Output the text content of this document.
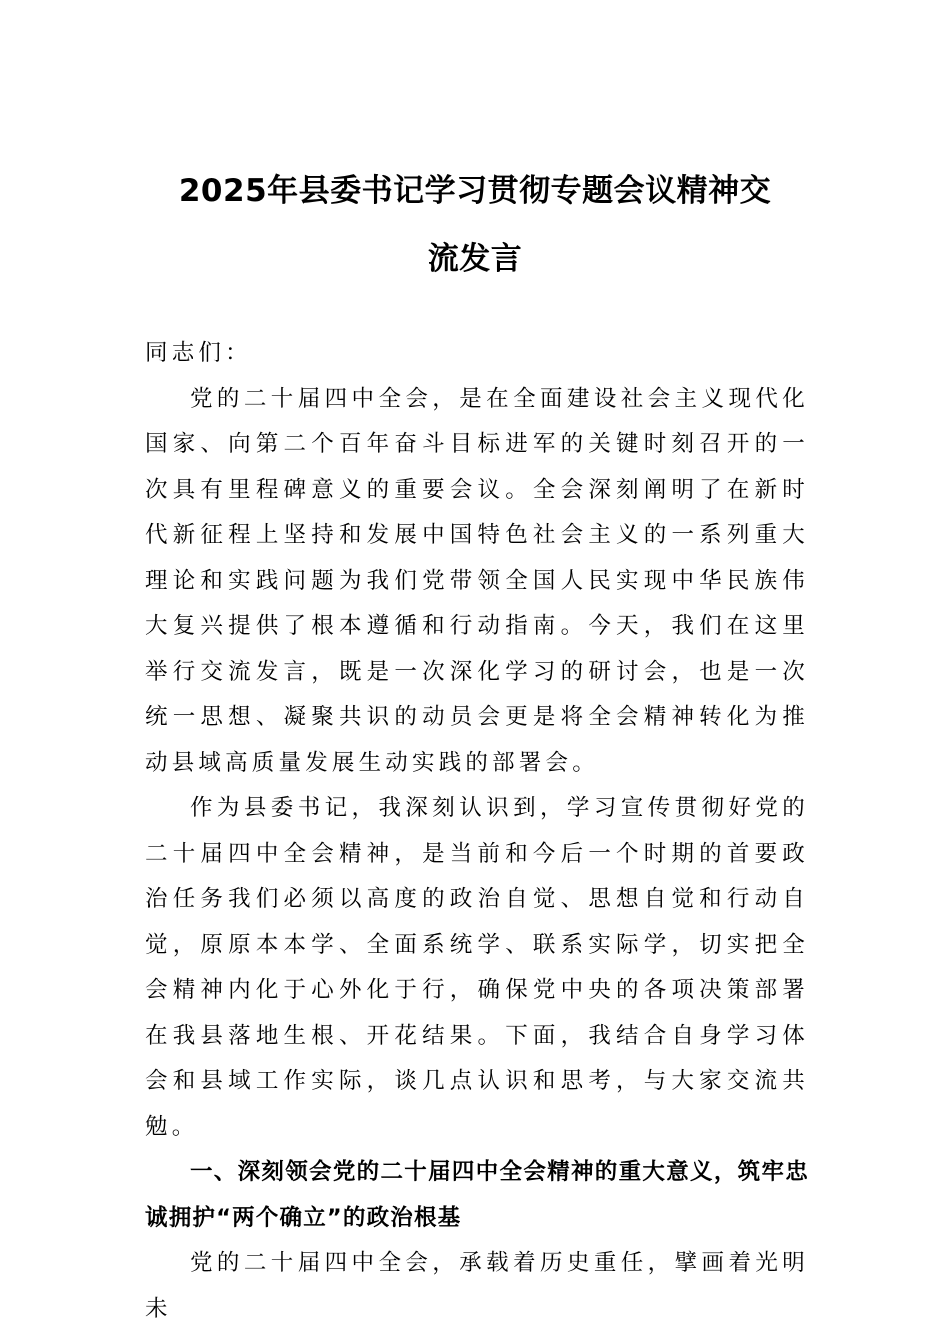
2025年县委书记学习贯彻专题会议精神交
流发言

同志们：

党的二十届四中全会，是在全面建设社会主义现代化国家、向第二个百年奋斗目标进军的关键时刻召开的一次具有里程碑意义的重要会议。全会深刻阐明了在新时代新征程上坚持和发展中国特色社会主义的一系列重大理论和实践问题为我们党带领全国人民实现中华民族伟大复兴提供了根本遵循和行动指南。今天，我们在这里举行交流发言，既是一次深化学习的研讨会，也是一次统一思想、凝聚共识的动员会更是将全会精神转化为推动县域高质量发展生动实践的部署会。

作为县委书记，我深刻认识到，学习宣传贯彻好党的二十届四中全会精神，是当前和今后一个时期的首要政治任务我们必须以高度的政治自觉、思想自觉和行动自觉，原原本本学、全面系统学、联系实际学，切实把全会精神内化于心外化于行，确保党中央的各项决策部署在我县落地生根、开花结果。下面，我结合自身学习体会和县域工作实际，谈几点认识和思考，与大家交流共勉。

一、深刻领会党的二十届四中全会精神的重大意义，筑牢忠诚拥护“两个确立”的政治根基

党的二十届四中全会，承载着历史重任，擘画着光明未
